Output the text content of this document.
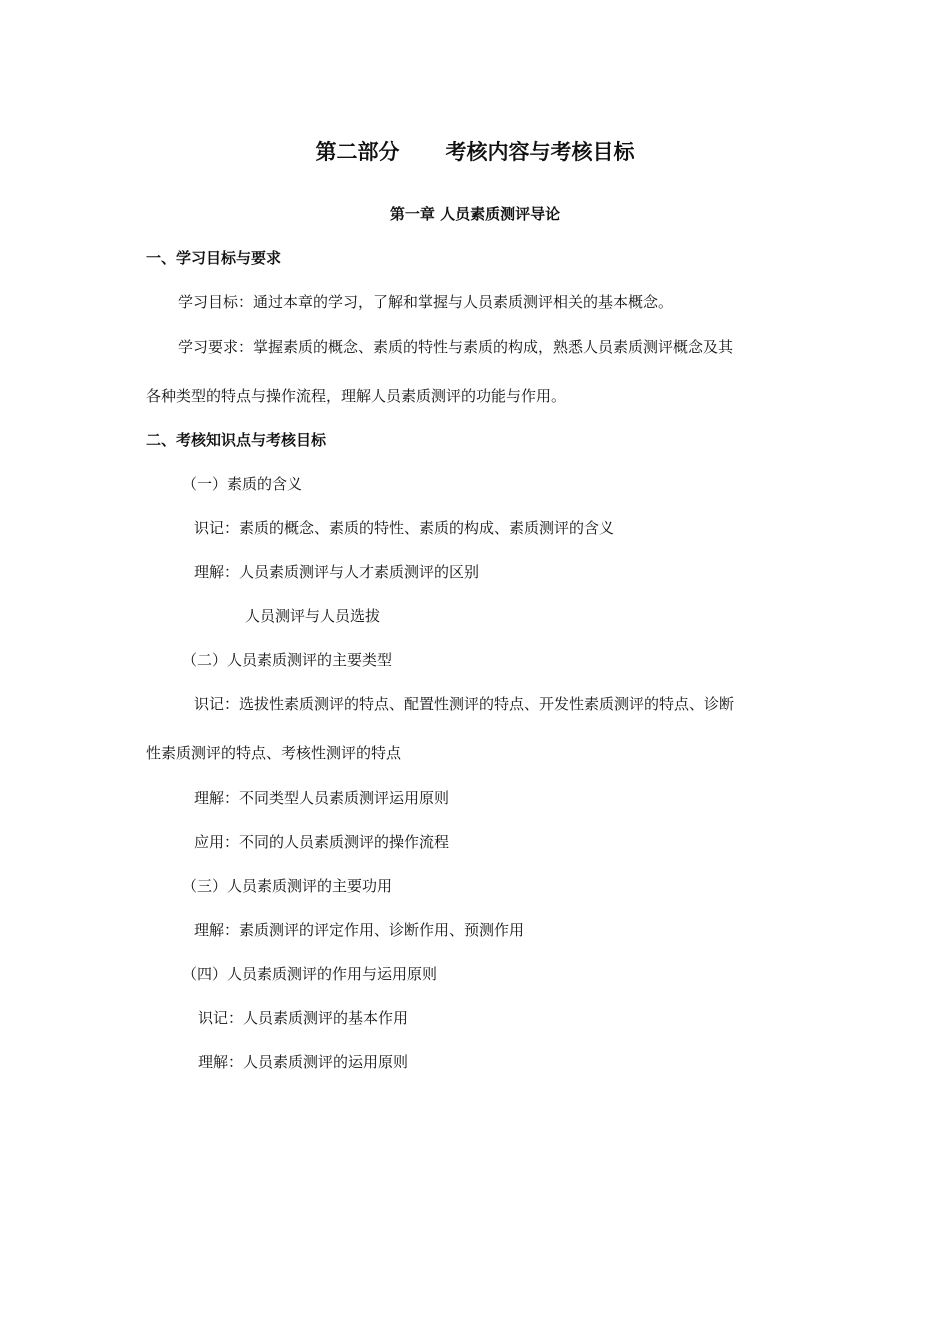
第二部分 考核内容与考核目标
第一章 人员素质测评导论
一、学习目标与要求
学习目标：通过本章的学习，了解和掌握与人员素质测评相关的基本概念。
学习要求：掌握素质的概念、素质的特性与素质的构成，熟悉人员素质测评概念及其
各种类型的特点与操作流程，理解人员素质测评的功能与作用。
二、考核知识点与考核目标
（一）素质的含义
识记：素质的概念、素质的特性、素质的构成、素质测评的含义
理解：人员素质测评与人才素质测评的区别
人员测评与人员选拔
（二）人员素质测评的主要类型
识记：选拔性素质测评的特点、配置性测评的特点、开发性素质测评的特点、诊断
性素质测评的特点、考核性测评的特点
理解：不同类型人员素质测评运用原则
应用：不同的人员素质测评的操作流程
（三）人员素质测评的主要功用
理解：素质测评的评定作用、诊断作用、预测作用
（四）人员素质测评的作用与运用原则
识记：人员素质测评的基本作用
理解：人员素质测评的运用原则
